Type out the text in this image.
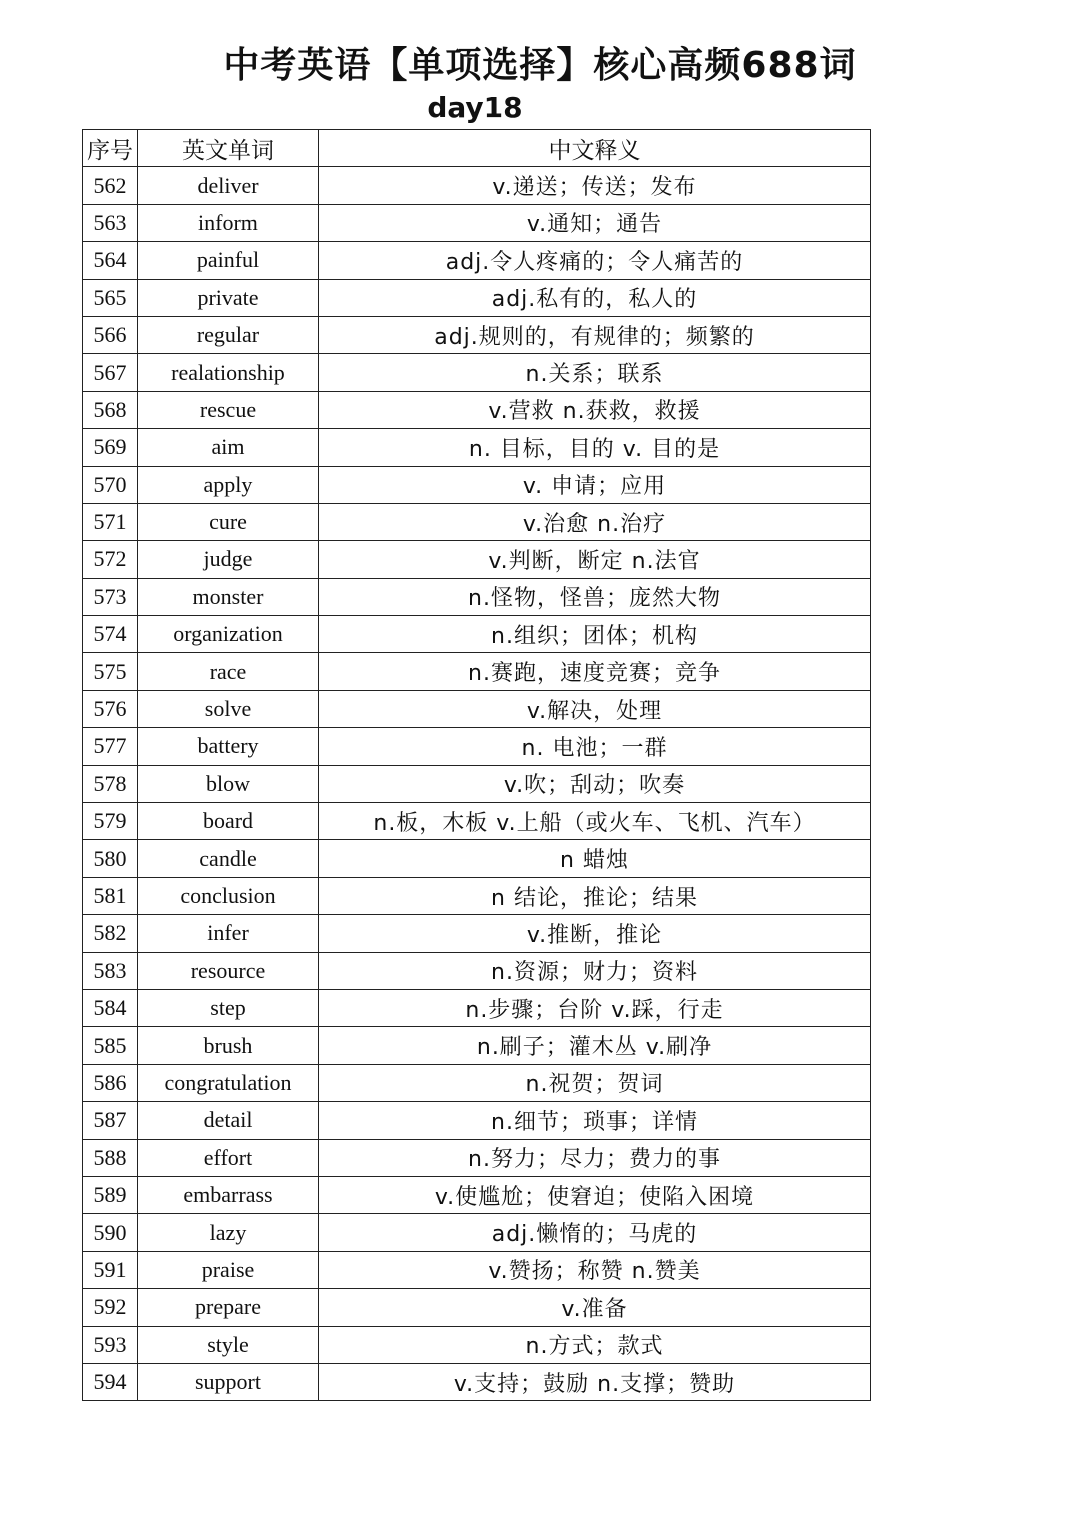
中考英语【单项选择】核心高频688词
day18
序号	英文单词	中文释义
562	deliver	v.递送；传送；发布
563	inform	v.通知；通告
564	painful	adj.令人疼痛的；令人痛苦的
565	private	adj.私有的，私人的
566	regular	adj.规则的，有规律的；频繁的
567	realationship	n.关系；联系
568	rescue	v.营救 n.获救，救援
569	aim	n. 目标，目的 v. 目的是
570	apply	v. 申请；应用
571	cure	v.治愈 n.治疗
572	judge	v.判断，断定 n.法官
573	monster	n.怪物，怪兽；庞然大物
574	organization	n.组织；团体；机构
575	race	n.赛跑，速度竞赛；竞争
576	solve	v.解决，处理
577	battery	n. 电池；一群
578	blow	v.吹；刮动；吹奏
579	board	n.板，木板 v.上船（或火车、飞机、汽车）
580	candle	n 蜡烛
581	conclusion	n 结论，推论；结果
582	infer	v.推断，推论
583	resource	n.资源；财力；资料
584	step	n.步骤；台阶 v.踩，行走
585	brush	n.刷子；灌木丛 v.刷净
586	congratulation	n.祝贺；贺词
587	detail	n.细节；琐事；详情
588	effort	n.努力；尽力；费力的事
589	embarrass	v.使尴尬；使窘迫；使陷入困境
590	lazy	adj.懒惰的；马虎的
591	praise	v.赞扬；称赞 n.赞美
592	prepare	v.准备
593	style	n.方式；款式
594	support	v.支持；鼓励 n.支撑；赞助
